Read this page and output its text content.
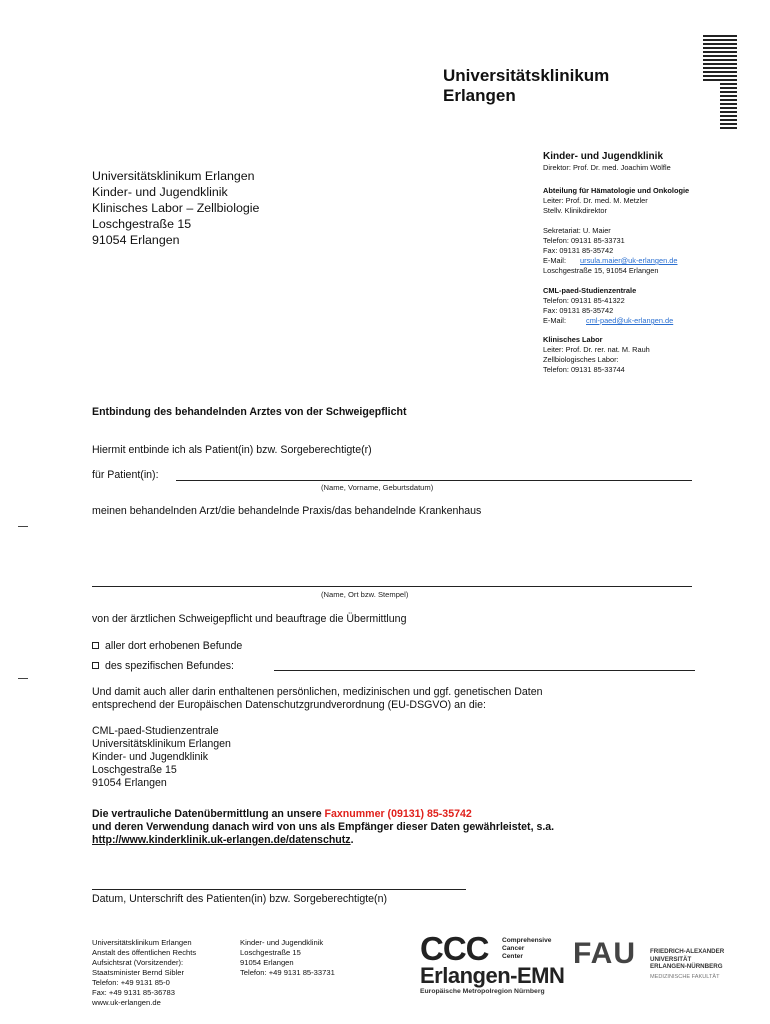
Universitätsklinikum
Erlangen
Universitätsklinikum Erlangen
Kinder- und Jugendklinik
Klinisches Labor – Zellbiologie
Loschgestraße 15
91054 Erlangen
Kinder- und Jugendklinik
Direktor: Prof. Dr. med. Joachim Wölfle
Abteilung für Hämatologie und Onkologie
Leiter: Prof. Dr. med. M. Metzler
Stellv. Klinikdirektor
Sekretariat: U. Maier
Telefon: 09131 85-33731
Fax: 09131 85-35742
E-Mail: ursula.maier@uk-erlangen.de
Loschgestraße 15, 91054 Erlangen
CML-paed-Studienzentrale
Telefon: 09131 85-41322
Fax: 09131 85-35742
E-Mail:	cml-paed@uk-erlangen.de
Klinisches Labor
Leiter: Prof. Dr. rer. nat. M. Rauh
Zellbiologisches Labor:
Telefon: 09131 85-33744
Entbindung des behandelnden Arztes von der Schweigepflicht
Hiermit entbinde ich als Patient(in) bzw. Sorgeberechtigte(r)
für Patient(in):
(Name, Vorname, Geburtsdatum)
meinen behandelnden Arzt/die behandelnde Praxis/das behandelnde Krankenhaus
(Name, Ort bzw. Stempel)
von der ärztlichen Schweigepflicht und beauftrage die Übermittlung
aller dort erhobenen Befunde
des spezifischen Befundes:
Und damit auch aller darin enthaltenen persönlichen, medizinischen und ggf. genetischen Daten
entsprechend der Europäischen Datenschutzgrundverordnung (EU-DSGVO) an die:
CML-paed-Studienzentrale
Universitätsklinikum Erlangen
Kinder- und Jugendklinik
Loschgestraße 15
91054 Erlangen
Die vertrauliche Datenübermittlung an unsere Faxnummer (09131) 85-35742
und deren Verwendung danach wird von uns als Empfänger dieser Daten gewährleistet, s.a.
http://www.kinderklinik.uk-erlangen.de/datenschutz.
Datum, Unterschrift des Patienten(in) bzw. Sorgeberechtigte(n)
Universitätsklinikum Erlangen
Anstalt des öffentlichen Rechts
Aufsichtsrat (Vorsitzender):
Staatsminister Bernd Sibler
Telefon: +49 9131 85-0
Fax: +49 9131 85-36783
www.uk-erlangen.de
Kinder- und Jugendklinik
Loschgestraße 15
91054 Erlangen
Telefon: +49 9131 85-33731
CCC	Comprehensive
Cancer
Center
Erlangen-EMN
Europäische Metropolregion Nürnberg
FAU FRIEDRICH-ALEXANDER
UNIVERSITÄT
ERLANGEN-NÜRNBERG
MEDIZINISCHE FAKULTÄT
